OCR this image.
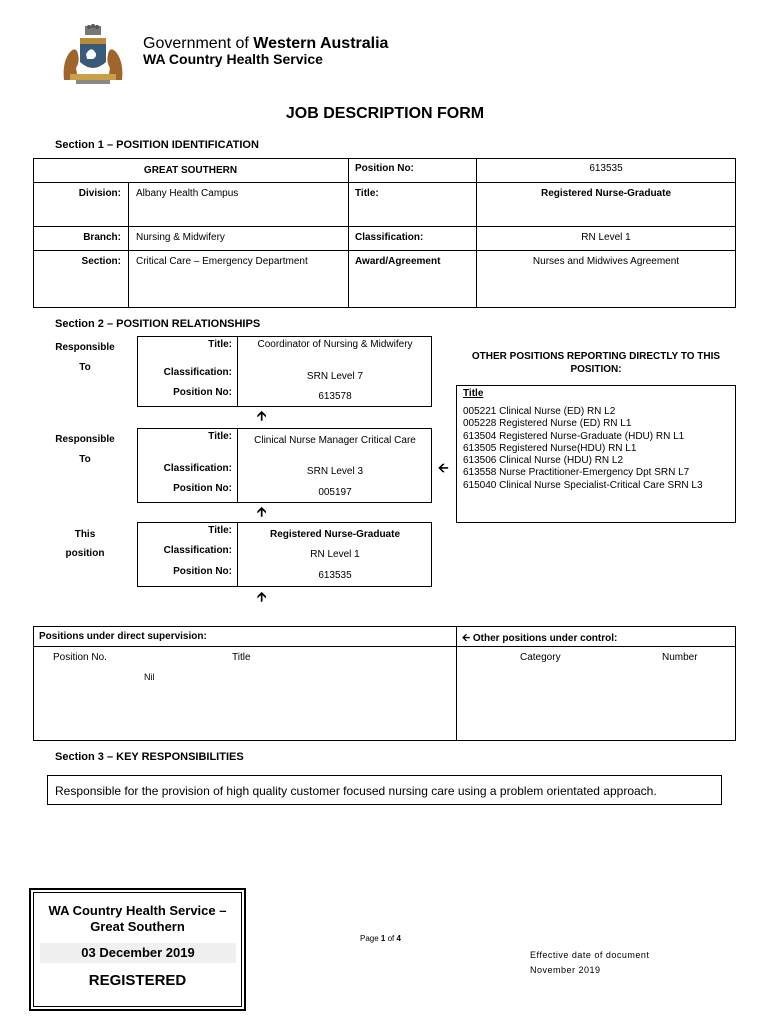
Government of Western Australia
WA Country Health Service
JOB DESCRIPTION FORM
Section 1 – POSITION IDENTIFICATION
GREAT SOUTHERN	Position No:	613535
Division: Albany Health Campus	Title:	Registered Nurse-Graduate
Branch: Nursing & Midwifery	Classification:	RN Level 1
Section: Critical Care – Emergency Department	Award/Agreement	Nurses and Midwives Agreement
Section 2 – POSITION RELATIONSHIPS
Responsible
To
Title:	Coordinator of Nursing & Midwifery
Classification:	SRN Level 7
Position No:	613578
🡩
Responsible
To
Title:	Clinical Nurse Manager Critical Care
Classification:	SRN Level 3
Position No:	005197
🡨
🡩
This
position
Title:	Registered Nurse-Graduate
Classification:	RN Level 1
Position No:	613535
🡩
OTHER POSITIONS REPORTING DIRECTLY TO THIS POSITION:
Title
005221 Clinical Nurse (ED) RN L2
005228 Registered Nurse (ED) RN L1
613504 Registered Nurse-Graduate (HDU) RN L1
613505 Registered Nurse(HDU) RN L1
613506 Clinical Nurse (HDU) RN L2
613558 Nurse Practitioner-Emergency Dpt SRN L7
615040 Clinical Nurse Specialist-Critical Care SRN L3
Positions under direct supervision:
Position No.	Title
Nil
🡨 Other positions under control:
Category	Number
Section 3 – KEY RESPONSIBILITIES
Responsible for the provision of high quality customer focused nursing care using a problem orientated approach.
WA Country Health Service –
Great Southern
03 December 2019
REGISTERED
Page 1 of 4
Effective date of document
November 2019
